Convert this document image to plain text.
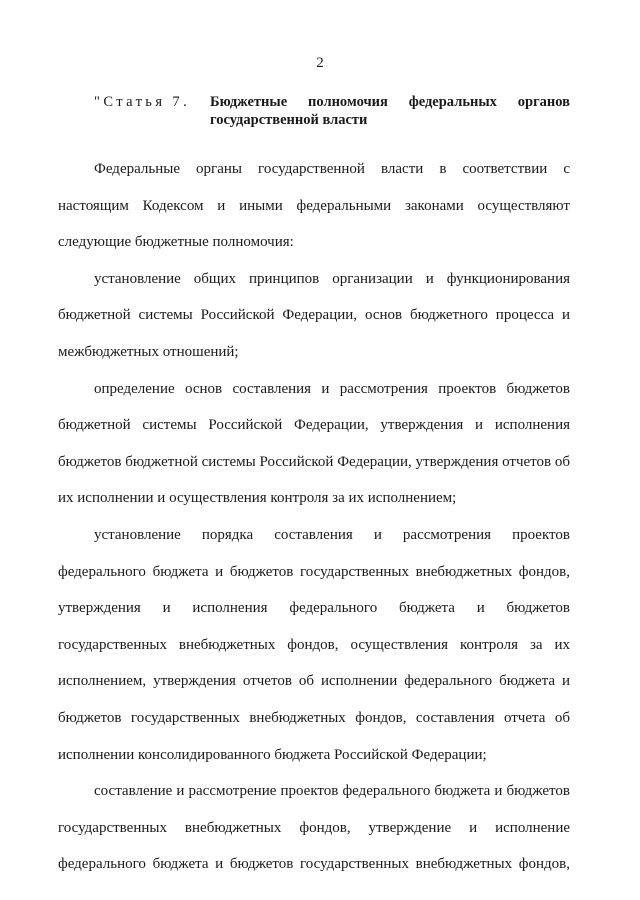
2
"Статья 7. Бюджетные полномочия федеральных органов государственной власти
Федеральные органы государственной власти в соответствии с
настоящим Кодексом и иными федеральными законами осуществляют
следующие бюджетные полномочия:
установление общих принципов организации и функционирования
бюджетной системы Российской Федерации, основ бюджетного процесса и
межбюджетных отношений;
определение основ составления и рассмотрения проектов бюджетов
бюджетной системы Российской Федерации, утверждения и исполнения
бюджетов бюджетной системы Российской Федерации, утверждения отчетов об
их исполнении и осуществления контроля за их исполнением;
установление порядка составления и рассмотрения проектов
федерального бюджета и бюджетов государственных внебюджетных фондов,
утверждения и исполнения федерального бюджета и бюджетов
государственных внебюджетных фондов, осуществления контроля за их
исполнением, утверждения отчетов об исполнении федерального бюджета и
бюджетов государственных внебюджетных фондов, составления отчета об
исполнении консолидированного бюджета Российской Федерации;
составление и рассмотрение проектов федерального бюджета и бюджетов
государственных внебюджетных фондов, утверждение и исполнение
федерального бюджета и бюджетов государственных внебюджетных фондов,
